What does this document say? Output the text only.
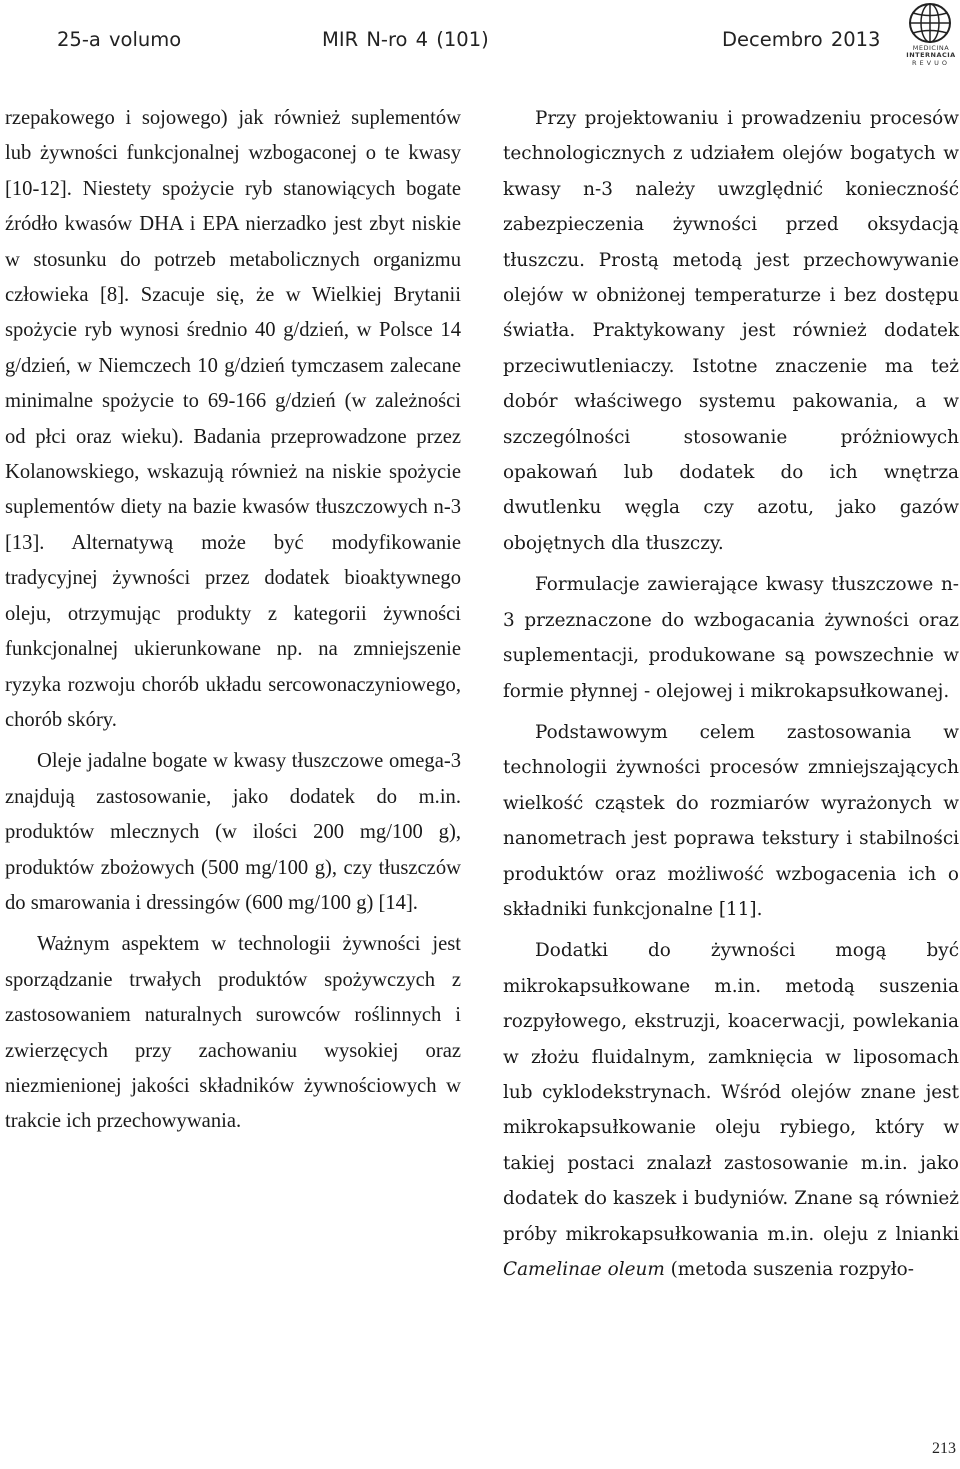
25-a volumo	MIR N-ro 4 (101)	Decembro 2013	MEDICINA
INTERNACIA
REVUO

rzepakowego i sojowego) jak również suplementów lub żywności funkcjonalnej wzbogaconej o te kwasy [10-12]. Niestety spożycie ryb stanowiących bogate źródło kwasów DHA i EPA nierzadko jest zbyt niskie w stosunku do potrzeb metabolicznych organizmu człowieka [8]. Szacuje się, że w Wielkiej Brytanii spożycie ryb wynosi średnio 40 g/dzień, w Polsce 14 g/dzień, w Niemczech 10 g/dzień tymczasem zalecane minimalne spożycie to 69-166 g/dzień (w zależności od płci oraz wieku). Badania przeprowadzone przez Kolanowskiego, wskazują również na niskie spożycie suplementów diety na bazie kwasów tłuszczowych n-3 [13]. Alternatywą może być modyfikowanie tradycyjnej żywności przez dodatek bioaktywnego oleju, otrzymując produkty z kategorii żywności funkcjonalnej ukierunkowane np. na zmniejszenie ryzyka rozwoju chorób układu sercowonaczyniowego, chorób skóry.

Oleje jadalne bogate w kwasy tłuszczowe omega-3 znajdują zastosowanie, jako dodatek do m.in. produktów mlecznych (w ilości 200 mg/100 g), produktów zbożowych (500 mg/100 g), czy tłuszczów do smarowania i dressingów (600 mg/100 g) [14].

Ważnym aspektem w technologii żywności jest sporządzanie trwałych produktów spożywczych z zastosowaniem naturalnych surowców roślinnych i zwierzęcych przy zachowaniu wysokiej oraz niezmienionej jakości składników żywnościowych w trakcie ich przechowywania.

Przy projektowaniu i prowadzeniu procesów technologicznych z udziałem olejów bogatych w kwasy n-3 należy uwzględnić konieczność zabezpieczenia żywności przed oksydacją tłuszczu. Prostą metodą jest przechowywanie olejów w obniżonej temperaturze i bez dostępu światła. Praktykowany jest również dodatek przeciwutleniaczy. Istotne znaczenie ma też dobór właściwego systemu pakowania, a w szczególności stosowanie próżniowych opakowań lub dodatek do ich wnętrza dwutlenku węgla czy azotu, jako gazów obojętnych dla tłuszczy.

Formulacje zawierające kwasy tłuszczowe n-3 przeznaczone do wzbogacania żywności oraz suplementacji, produkowane są powszechnie w formie płynnej - olejowej i mikrokapsułkowanej.

Podstawowym celem zastosowania w technologii żywności procesów zmniejszających wielkość cząstek do rozmiarów wyrażonych w nanometrach jest poprawa tekstury i stabilności produktów oraz możliwość wzbogacenia ich o składniki funkcjonalne [11].

Dodatki do żywności mogą być mikrokapsułkowane m.in. metodą suszenia rozpyłowego, ekstruzji, koacerwacji, powlekania w złożu fluidalnym, zamknięcia w liposomach lub cyklodekstrynach. Wśród olejów znane jest mikrokapsułkowanie oleju rybiego, który w takiej postaci znalazł zastosowanie m.in. jako dodatek do kaszek i budyniów. Znane są również próby mikrokapsułkowania m.in. oleju z lnianki Camelinae oleum (metoda suszenia rozpyło-

213
